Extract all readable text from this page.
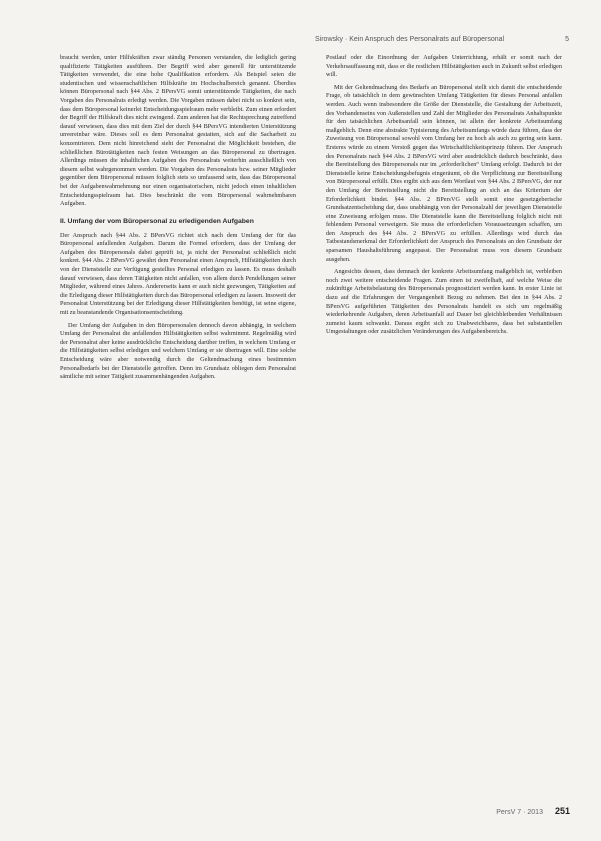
Sirowsky · Kein Anspruch des Personalrats auf Büropersonal	5

braucht werden, unter Hilfskräften zwar ständig Personen verstanden, die lediglich gering qualifizierte Tätigkeiten ausführen. Der Begriff wird aber generell für unterstützende Tätigkeiten verwendet, die eine hohe Qualifikation erfordern. Als Beispiel seien die studentischen und wissenschaftlichen Hilfskräfte im Hochschulbereich genannt. Überdies können Büropersonal nach §44 Abs. 2 BPersVG somit unterstützende Tätigkeiten, die nach Vorgaben des Personalrats erledigt werden. Die Vorgaben müssen dabei nicht so konkret sein, dass dem Büropersonal keinerlei Entscheidungsspielraum mehr verbleibt. Zum einen erfordert der Begriff der Hilfskraft dies nicht zwingend. Zum anderen hat die Rechtsprechung zutreffend darauf verwiesen, dass dies mit dem Ziel der durch §44 BPersVG intendierten Unterstützung unvereinbar wäre. Dieses soll es dem Personalrat gestatten, sich auf die Sacharbeit zu konzentrieren. Dem nicht hinreichend sieht der Personalrat die Möglichkeit bestehen, die schließlichen Bürotätigkeiten nach festen Weisungen an das Büropersonal zu übertragen. Allerdings müssen die inhaltlichen Aufgaben des Personalrats weiterhin ausschließlich von diesem selbst wahrgenommen werden. Die Vorgaben des Personalrats bzw. seiner Mitglieder gegenüber dem Büropersonal müssen folglich stets so umfassend sein, dass das Büropersonal bei der Aufgabenwahrnehmung nur einen organisatorischen, nicht jedoch einen inhaltlichen Entscheidungsspielraum hat. Dies beschränkt die vom Büropersonal wahrnehmbaren Aufgaben.

II. Umfang der vom Büropersonal zu erledigenden Aufgaben

Der Anspruch nach §44 Abs. 2 BPersVG richtet sich nach dem Umfang der für das Büropersonal anfallenden Aufgaben. Darum die Formel erfordern, dass der Umfang der Aufgaben des Büropersonals dabei geprüft ist, ja nicht der Personalrat schließlich nicht konkret. §44 Abs. 2 BPersVG gewährt dem Personalrat einen Anspruch, Hilfstätigkeiten durch von der Dienststelle zur Verfügung gestelltes Personal erledigen zu lassen. Es muss deshalb darauf verwiesen, dass deren Tätigkeiten nicht anfallen, von allem durch Pendellungen seiner Mitglieder, während eines Jahres. Andererseits kann er auch nicht gezwungen, Tätigkeiten auf die Erledigung dieser Hilfstätigkeiten durch das Büropersonal erledigen zu lassen. Insoweit der Personalrat Unterstützung bei der Erledigung dieser Hilfstätigkeiten benötigt, ist seine eigene, mit zu beanstandende Organisationsentscheidung.

Der Umfang der Aufgaben in den Büropersonalen dennoch davon abhängig, in welchem Umfang der Personalrat die anfallenden Hilfstätigkeiten selbst wahrnimmt. Regelmäßig wird der Personalrat aber keine ausdrückliche Entscheidung darüber treffen, in welchem Umfang er die Hilfstätigkeiten selbst erledigen und welchem Umfang er sie übertragen will. Eine solche Entscheidung wäre aber notwendig durch die Geltendmachung eines bestimmten Personalbedarfs bei der Dienststelle getroffen. Denn im Grundsatz obliegen dem Personalrat sämtliche mit seiner Tätigkeit zusammenhängenden Aufgaben.

Postlauf oder die Einordnung der Aufgaben Unterrichtung, erhält er somit nach der Verkehrsauffassung mit, dass er die restlichen Hilfstätigkeiten auch in Zukunft selbst erledigen will.

Mit der Geltendmachung des Bedarfs an Büropersonal stellt sich damit die entscheidende Frage, ob tatsächlich in dem gewünschten Umfang Tätigkeiten für dieses Personal anfallen werden. Auch wenn insbesondere die Größe der Dienststelle, die Gestaltung der Arbeitszeit, des Vorhandenseins von Außenstellen und Zahl der Mitglieder des Personalrats Anhaltspunkte für den tatsächlichen Arbeitsanfall sein können, ist allein der konkrete Arbeitsumfang maßgeblich. Denn eine abstrakte Typisierung des Arbeitsumfangs würde dazu führen, dass der Zuweisung von Büropersonal sowohl vom Umfang her zu hoch als auch zu gering sein kann. Ersteres würde zu einem Verstoß gegen das Wirtschaftlichkeitsprinzip führen. Der Anspruch des Personalrats nach §44 Abs. 2 BPersVG wird aber ausdrücklich dadurch beschränkt, dass die Bereitstellung des Büropersonals nur im „erforderlichen“ Umfang erfolgt. Dadurch ist der Dienststelle keine Entscheidungsbefugnis eingeräumt, ob die Verpflichtung zur Bereitstellung von Büropersonal erfüllt. Dies ergibt sich aus dem Wortlaut von §44 Abs. 2 BPersVG, der nur den Umfang der Bereitstellung nicht die Bereitstellung an sich an das Kriterium der Erforderlichkeit bindet. §44 Abs. 2 BPersVG stellt somit eine gesetzgeberische Grundsatzentscheidung dar, dass unabhängig von der Personalzahl der jeweiligen Dienststelle eine Zuweisung erfolgen muss. Die Dienststelle kann die Bereitstellung folglich nicht mit fehlendem Personal verweigern. Sie muss die erforderlichen Voraussetzungen schaffen, um den Anspruch des §44 Abs. 2 BPersVG zu erfüllen. Allerdings wird durch das Tatbestandsmerkmal der Erforderlichkeit der Anspruch des Personalrats an den Grundsatz der sparsamen Haushaltsführung angepasst. Der Personalrat muss von diesem Grundsatz ausgehen.

Angesichts dessen, dass demnach der konkrete Arbeitsumfang maßgeblich ist, verbleiben noch zwei weitere entscheidende Fragen. Zum einen ist zweifelhaft, auf welche Weise die zukünftige Arbeitsbelastung des Büropersonals prognostiziert werden kann. In erster Linie ist dazu auf die Erfahrungen der Vergangenheit Bezug zu nehmen. Bei den in §44 Abs. 2 BPersVG aufgeführten Tätigkeiten des Personalrats handelt es sich um regelmäßig wiederkehrende Aufgaben, deren Arbeitsanfall auf Dauer bei gleichbleibenden Verhältnissen zumeist kaum schwankt. Daraus ergibt sich zu Unabweichbares, dass bei substantiellen Umgestaltungen oder zusätzlichen Veränderungen des Aufgabenbereichs.

PersV 7 · 2013 251
